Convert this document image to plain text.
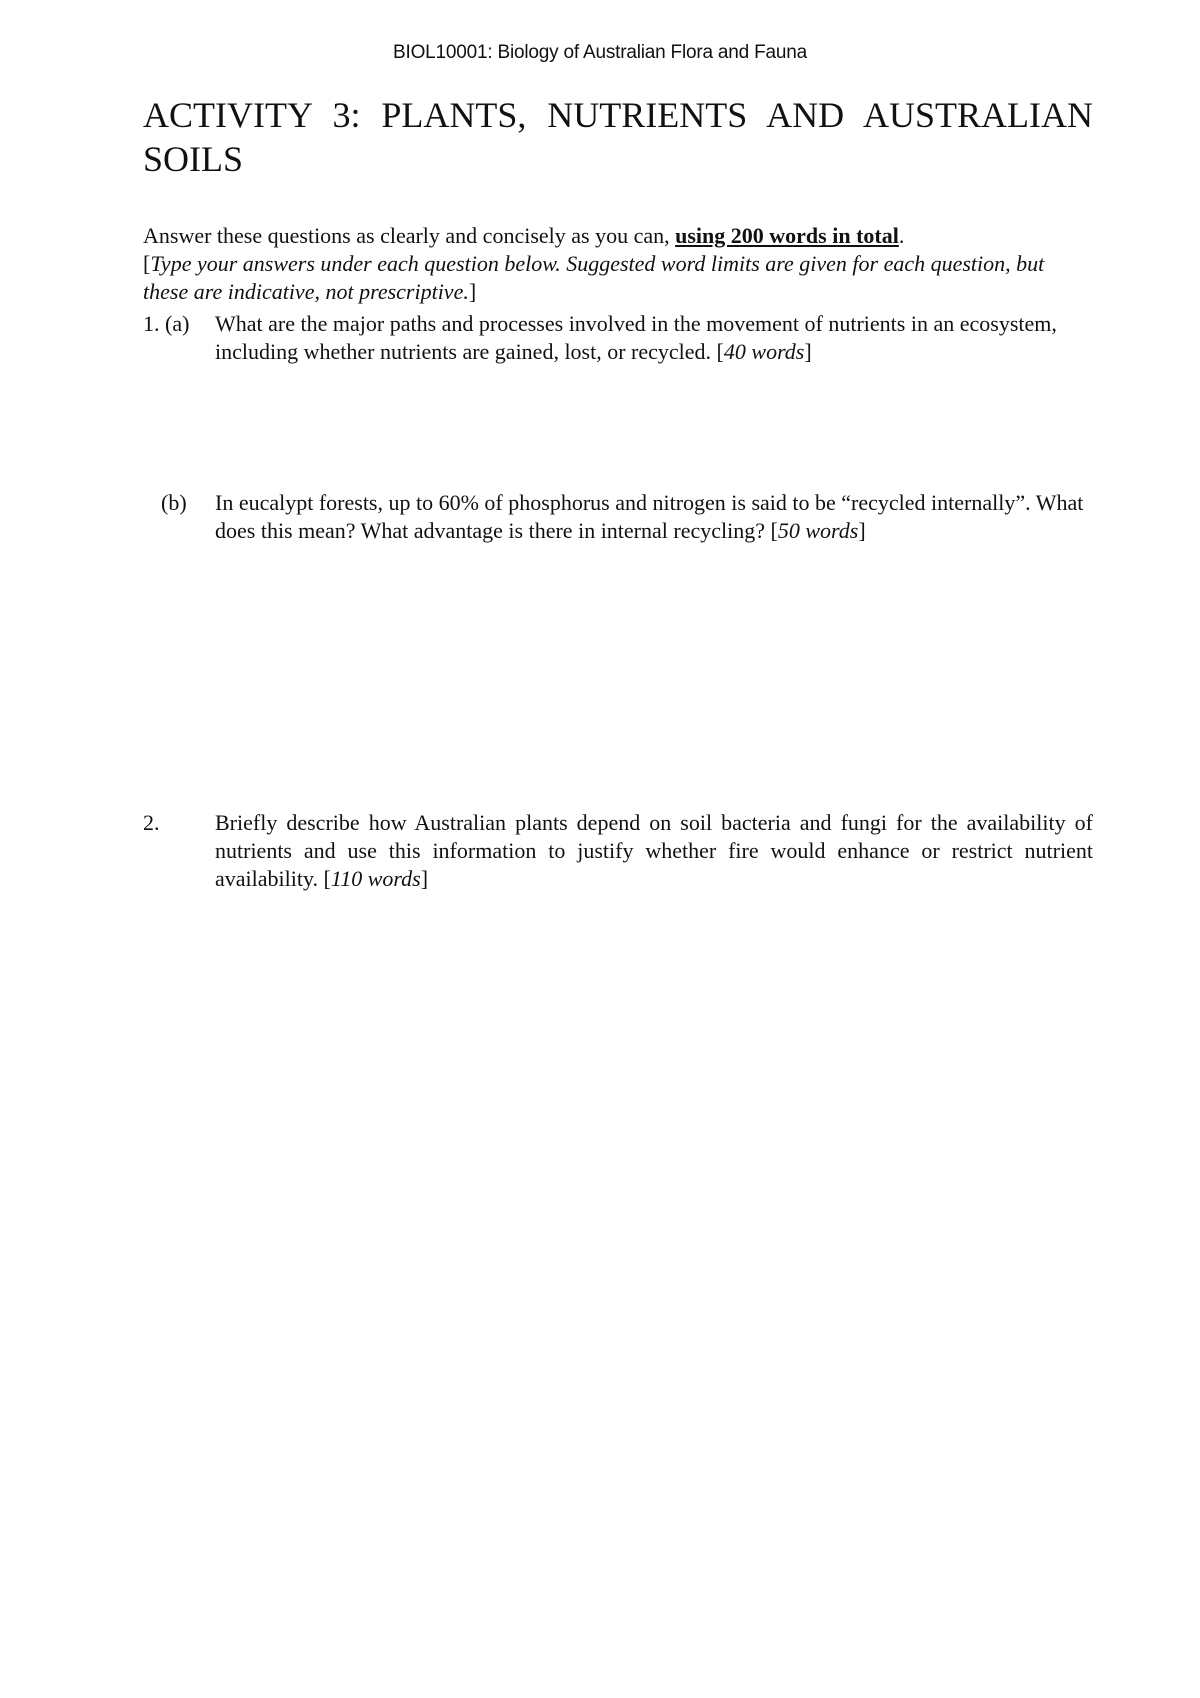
BIOL10001: Biology of Australian Flora and Fauna
ACTIVITY 3: PLANTS, NUTRIENTS AND AUSTRALIAN
SOILS
Answer these questions as clearly and concisely as you can, using 200 words in total.
[Type your answers under each question below. Suggested word limits are given for each question, but these are indicative, not prescriptive.]
1. (a) What are the major paths and processes involved in the movement of nutrients in an ecosystem, including whether nutrients are gained, lost, or recycled. [40 words]
(b) In eucalypt forests, up to 60% of phosphorus and nitrogen is said to be “recycled internally”. What does this mean? What advantage is there in internal recycling? [50 words]
2.	Briefly describe how Australian plants depend on soil bacteria and fungi for the availability of nutrients and use this information to justify whether fire would enhance or restrict nutrient availability. [110 words]
